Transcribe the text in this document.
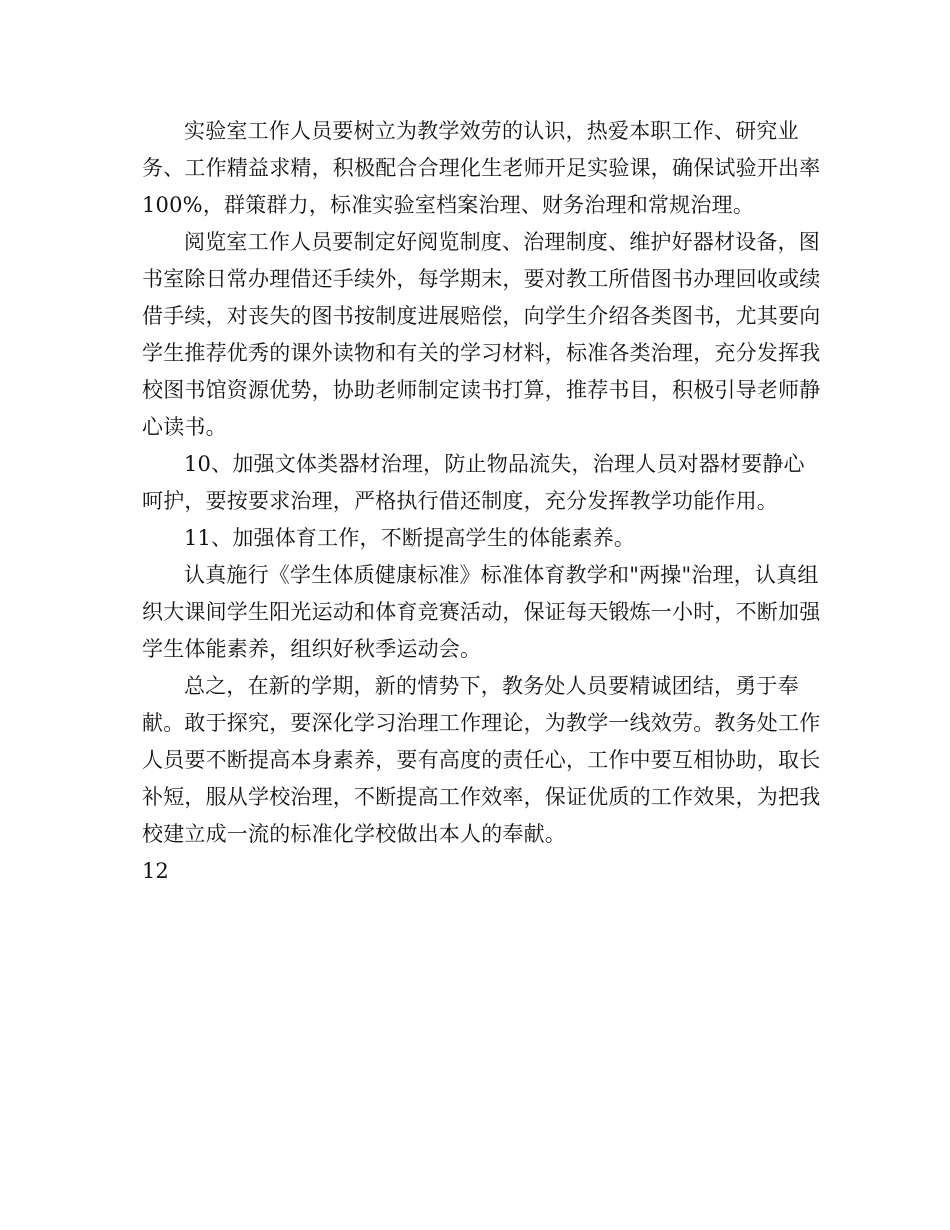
实验室工作人员要树立为教学效劳的认识，热爱本职工作、研究业务、工作精益求精，积极配合合理化生老师开足实验课，确保试验开出率100%，群策群力，标准实验室档案治理、财务治理和常规治理。

阅览室工作人员要制定好阅览制度、治理制度、维护好器材设备，图书室除日常办理借还手续外，每学期末，要对教工所借图书办理回收或续借手续，对丧失的图书按制度进展赔偿，向学生介绍各类图书，尤其要向学生推荐优秀的课外读物和有关的学习材料，标准各类治理，充分发挥我校图书馆资源优势，协助老师制定读书打算，推荐书目，积极引导老师静心读书。

10、加强文体类器材治理，防止物品流失，治理人员对器材要静心呵护，要按要求治理，严格执行借还制度，充分发挥教学功能作用。

11、加强体育工作，不断提高学生的体能素养。

认真施行《学生体质健康标准》标准体育教学和"两操"治理，认真组织大课间学生阳光运动和体育竞赛活动，保证每天锻炼一小时，不断加强学生体能素养，组织好秋季运动会。

总之，在新的学期，新的情势下，教务处人员要精诚团结，勇于奉献。敢于探究，要深化学习治理工作理论，为教学一线效劳。教务处工作人员要不断提高本身素养，要有高度的责任心，工作中要互相协助，取长补短，服从学校治理，不断提高工作效率，保证优质的工作效果，为把我校建立成一流的标准化学校做出本人的奉献。

12
